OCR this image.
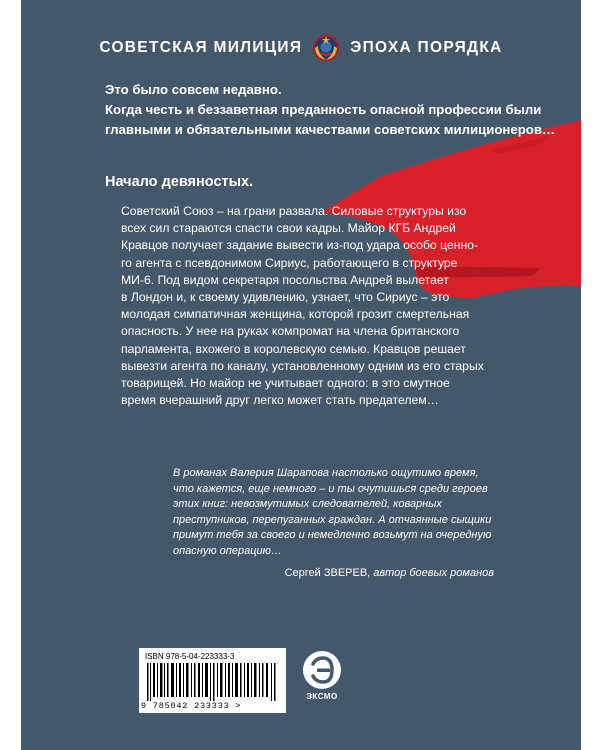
СОВЕТСКАЯ МИЛИЦИЯ	ЭПОХА ПОРЯДКА

Это было совсем недавно.

Когда честь и беззаветная преданность опасной профессии были главными и обязательными качествами советских милиционеров…

Начало девяностых.
Советский Союз – на грани развала. Силовые структуры изо
всех сил стараются спасти свои кадры. Майор КГБ Андрей
Кравцов получает задание вывести из-под удара особо ценно-
го агента с псевдонимом Сириус, работающего в структуре
МИ-6. Под видом секретаря посольства Андрей вылетает
в Лондон и, к своему удивлению, узнает, что Сириус – это
молодая симпатичная женщина, которой грозит смертельная
опасность. У нее на руках компромат на члена британского
парламента, вхожего в королевскую семью. Кравцов решает
вывезти агента по каналу, установленному одним из его старых
товарищей. Но майор не учитывает одного: в это смутное
время вчерашний друг легко может стать предателем…
В романах Валерия Шарапова настолько ощутимо время,
что кажется, еще немного – и ты очутишься среди героев
этих книг: невозмутимых следователей, коварных
преступников, перепуганных граждан. А отчаянные сыщики
примут тебя за своего и немедленно возьмут на очередную
опасную операцию…
Сергей ЗВЕРЕВ, автор боевых романов
ISBN 978-5-04-223333-3
9 785042 233333 >
ЭКСМО
